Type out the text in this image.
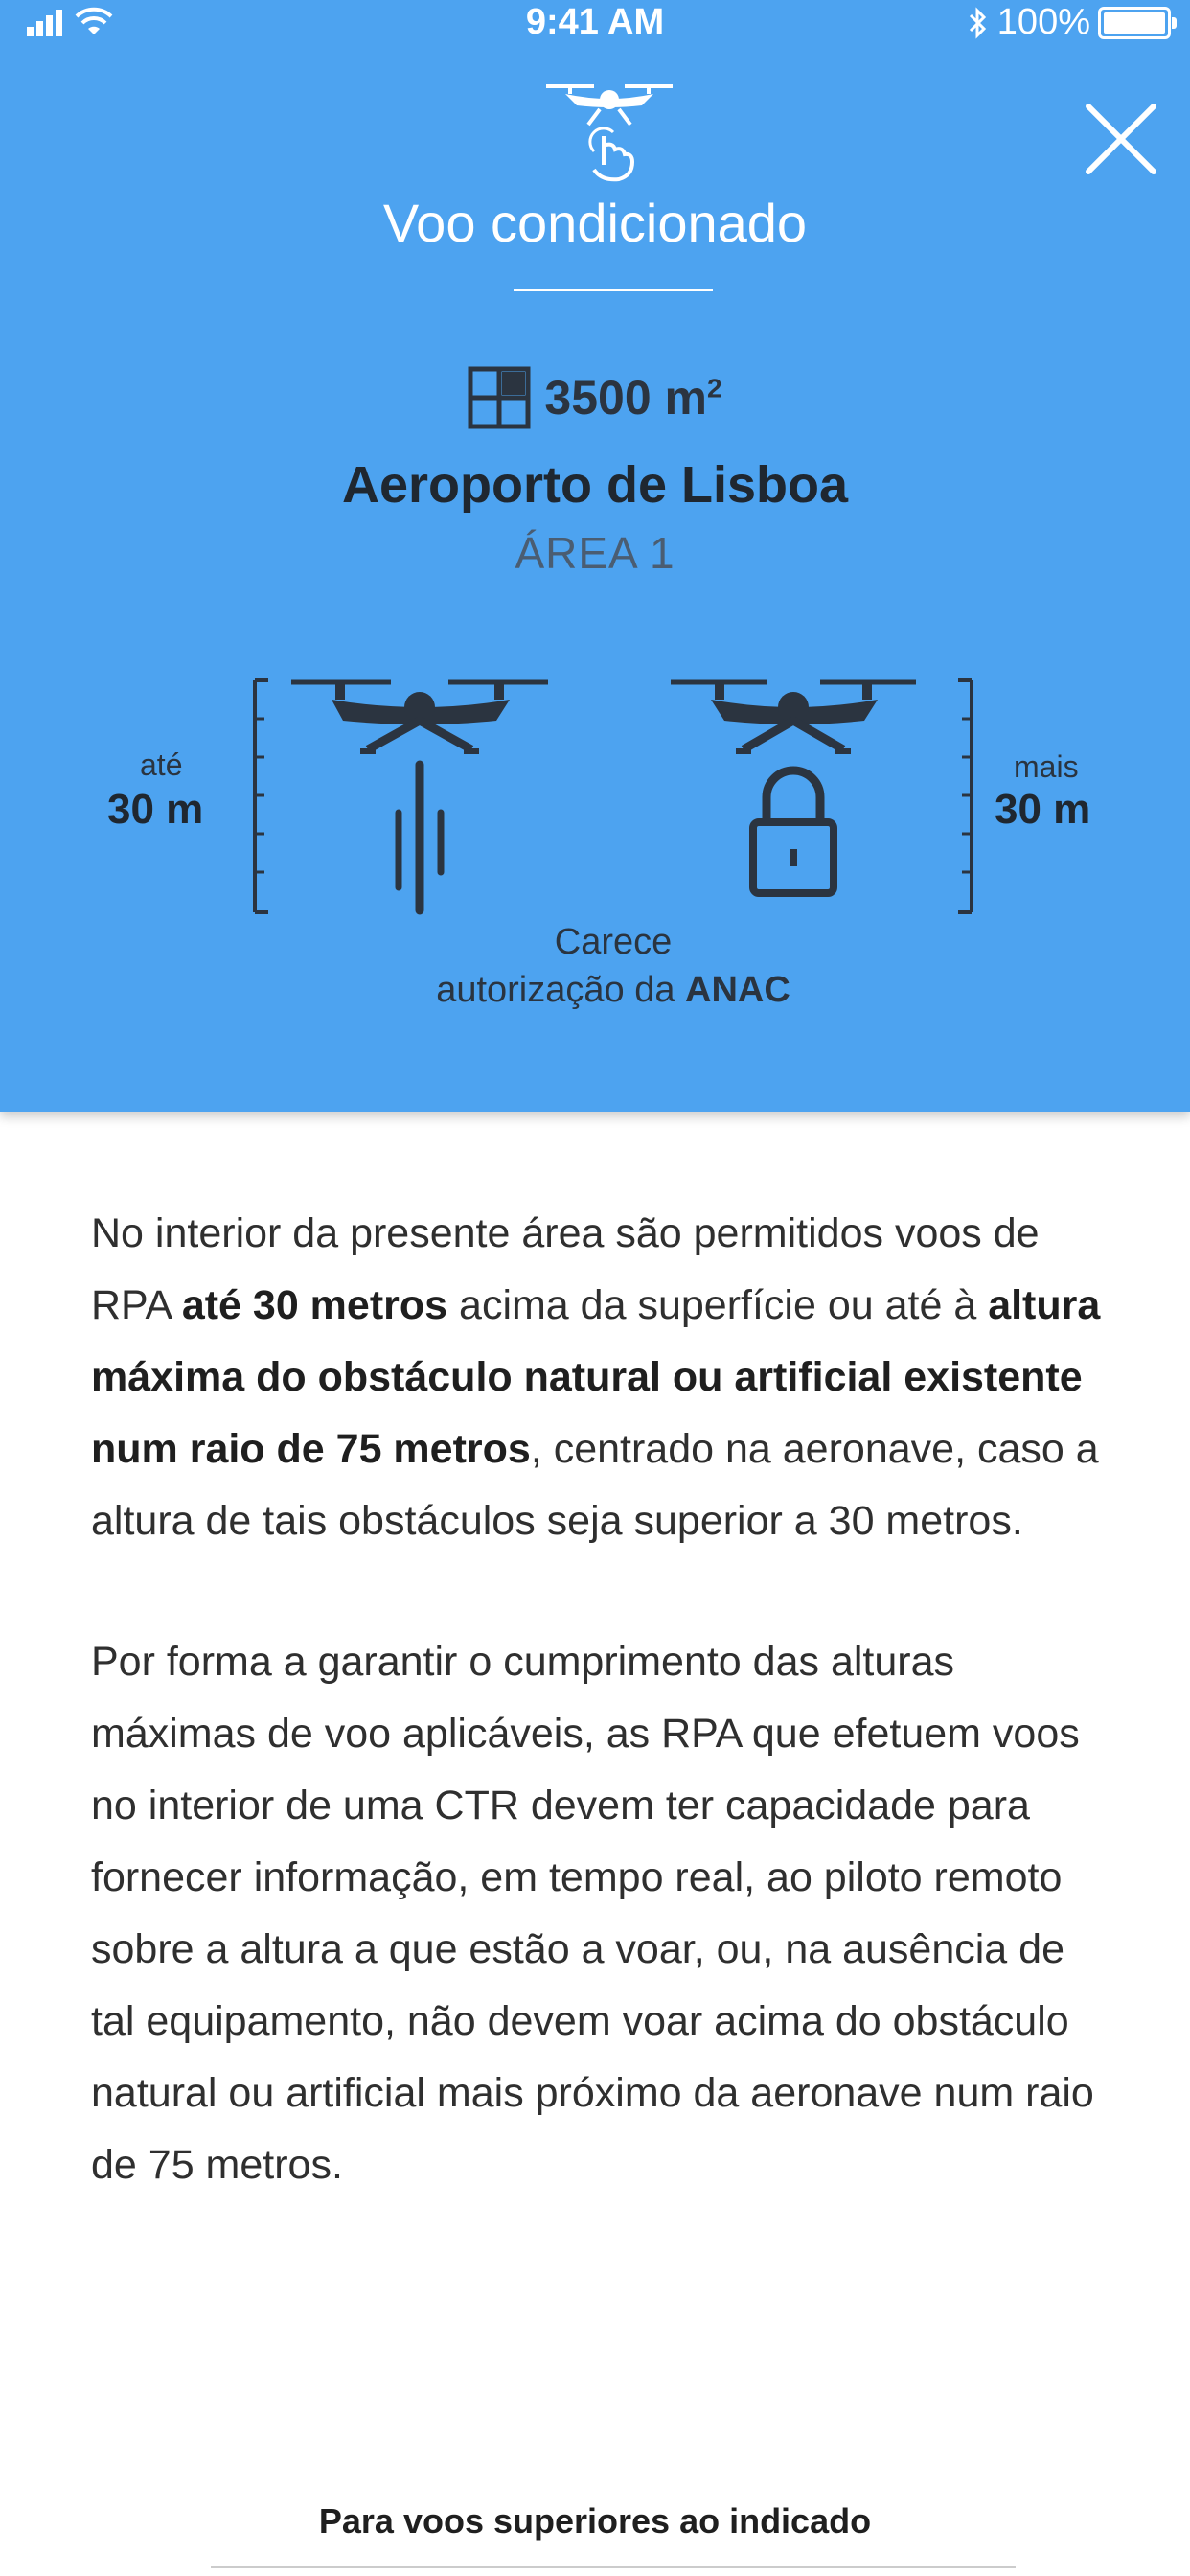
9:41 AM	100%
Voo condicionado
3500 $m^2$
Aeroporto de Lisboa
ÁREA 1
até
30 m
mais
30 m
Carece
autorização da ANAC

No interior da presente área são permitidos voos de RPA até 30 metros acima da superfície ou até à altura máxima do obstáculo natural ou artificial existente num raio de 75 metros, centrado na aeronave, caso a altura de tais obstáculos seja superior a 30 metros.

Por forma a garantir o cumprimento das alturas máximas de voo aplicáveis, as RPA que efetuem voos no interior de uma CTR devem ter capacidade para fornecer informação, em tempo real, ao piloto remoto sobre a altura a que estão a voar, ou, na ausência de tal equipamento, não devem voar acima do obstáculo natural ou artificial mais próximo da aeronave num raio de 75 metros.

Para voos superiores ao indicado
